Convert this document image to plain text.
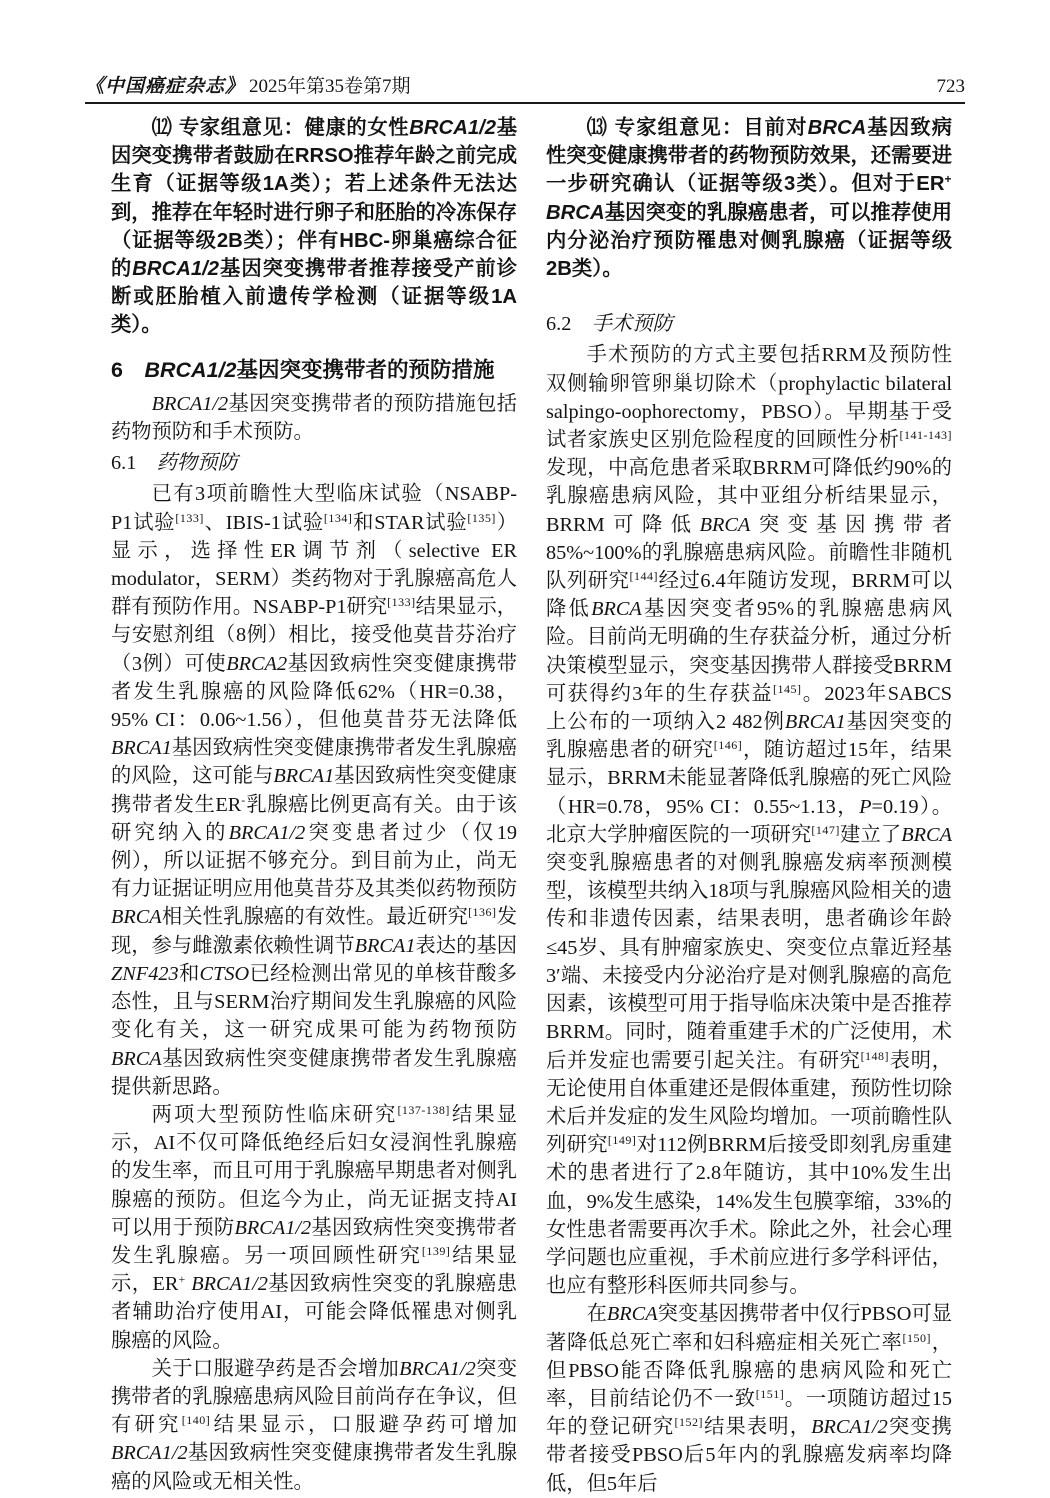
《中国癌症杂志》 2025年第35卷第7期	723

⑿ 专家组意见：健康的女性BRCA1/2基因突变携带者鼓励在RRSO推荐年龄之前完成生育（证据等级1A类）；若上述条件无法达到，推荐在年轻时进行卵子和胚胎的冷冻保存（证据等级2B类）；伴有HBC-卵巢癌综合征的BRCA1/2基因突变携带者推荐接受产前诊断或胚胎植入前遗传学检测（证据等级1A类）。

6　BRCA1/2基因突变携带者的预防措施

BRCA1/2基因突变携带者的预防措施包括药物预防和手术预防。

6.1　药物预防

已有3项前瞻性大型临床试验（NSABP-P1试验[133]、IBIS-1试验[134]和STAR试验[135]）显示，选择性ER调节剂（selective ER modulator，SERM）类药物对于乳腺癌高危人群有预防作用。NSABP-P1研究[133]结果显示，与安慰剂组（8例）相比，接受他莫昔芬治疗（3例）可使BRCA2基因致病性突变健康携带者发生乳腺癌的风险降低62%（HR=0.38，95% CI：0.06~1.56），但他莫昔芬无法降低BRCA1基因致病性突变健康携带者发生乳腺癌的风险，这可能与BRCA1基因致病性突变健康携带者发生ER-乳腺癌比例更高有关。由于该研究纳入的BRCA1/2突变患者过少（仅19例），所以证据不够充分。到目前为止，尚无有力证据证明应用他莫昔芬及其类似药物预防BRCA相关性乳腺癌的有效性。最近研究[136]发现，参与雌激素依赖性调节BRCA1表达的基因ZNF423和CTSO已经检测出常见的单核苷酸多态性，且与SERM治疗期间发生乳腺癌的风险变化有关，这一研究成果可能为药物预防BRCA基因致病性突变健康携带者发生乳腺癌提供新思路。

两项大型预防性临床研究[137-138]结果显示，AI不仅可降低绝经后妇女浸润性乳腺癌的发生率，而且可用于乳腺癌早期患者对侧乳腺癌的预防。但迄今为止，尚无证据支持AI可以用于预防BRCA1/2基因致病性突变携带者发生乳腺癌。另一项回顾性研究[139]结果显示，ER+ BRCA1/2基因致病性突变的乳腺癌患者辅助治疗使用AI，可能会降低罹患对侧乳腺癌的风险。

关于口服避孕药是否会增加BRCA1/2突变携带者的乳腺癌患病风险目前尚存在争议，但有研究[140]结果显示，口服避孕药可增加BRCA1/2基因致病性突变健康携带者发生乳腺癌的风险或无相关性。

⒀ 专家组意见：目前对BRCA基因致病性突变健康携带者的药物预防效果，还需要进一步研究确认（证据等级3类）。但对于ER+ BRCA基因突变的乳腺癌患者，可以推荐使用内分泌治疗预防罹患对侧乳腺癌（证据等级2B类）。

6.2　手术预防

手术预防的方式主要包括RRM及预防性双侧输卵管卵巢切除术（prophylactic bilateral salpingo-oophorectomy，PBSO）。早期基于受试者家族史区别危险程度的回顾性分析[141-143]发现，中高危患者采取BRRM可降低约90%的乳腺癌患病风险，其中亚组分析结果显示，BRRM可降低BRCA突变基因携带者85%~100%的乳腺癌患病风险。前瞻性非随机队列研究[144]经过6.4年随访发现，BRRM可以降低BRCA基因突变者95%的乳腺癌患病风险。目前尚无明确的生存获益分析，通过分析决策模型显示，突变基因携带人群接受BRRM可获得约3年的生存获益[145]。2023年SABCS上公布的一项纳入2 482例BRCA1基因突变的乳腺癌患者的研究[146]，随访超过15年，结果显示，BRRM未能显著降低乳腺癌的死亡风险（HR=0.78，95% CI：0.55~1.13，P=0.19）。北京大学肿瘤医院的一项研究[147]建立了BRCA突变乳腺癌患者的对侧乳腺癌发病率预测模型，该模型共纳入18项与乳腺癌风险相关的遗传和非遗传因素，结果表明，患者确诊年龄≤45岁、具有肿瘤家族史、突变位点靠近羟基3′端、未接受内分泌治疗是对侧乳腺癌的高危因素，该模型可用于指导临床决策中是否推荐BRRM。同时，随着重建手术的广泛使用，术后并发症也需要引起关注。有研究[148]表明，无论使用自体重建还是假体重建，预防性切除术后并发症的发生风险均增加。一项前瞻性队列研究[149]对112例BRRM后接受即刻乳房重建术的患者进行了2.8年随访，其中10%发生出血，9%发生感染，14%发生包膜挛缩，33%的女性患者需要再次手术。除此之外，社会心理学问题也应重视，手术前应进行多学科评估，也应有整形科医师共同参与。

在BRCA突变基因携带者中仅行PBSO可显著降低总死亡率和妇科癌症相关死亡率[150]，但PBSO能否降低乳腺癌的患病风险和死亡率，目前结论仍不一致[151]。一项随访超过15年的登记研究[152]结果表明，BRCA1/2突变携带者接受PBSO后5年内的乳腺癌发病率均降低，但5年后
